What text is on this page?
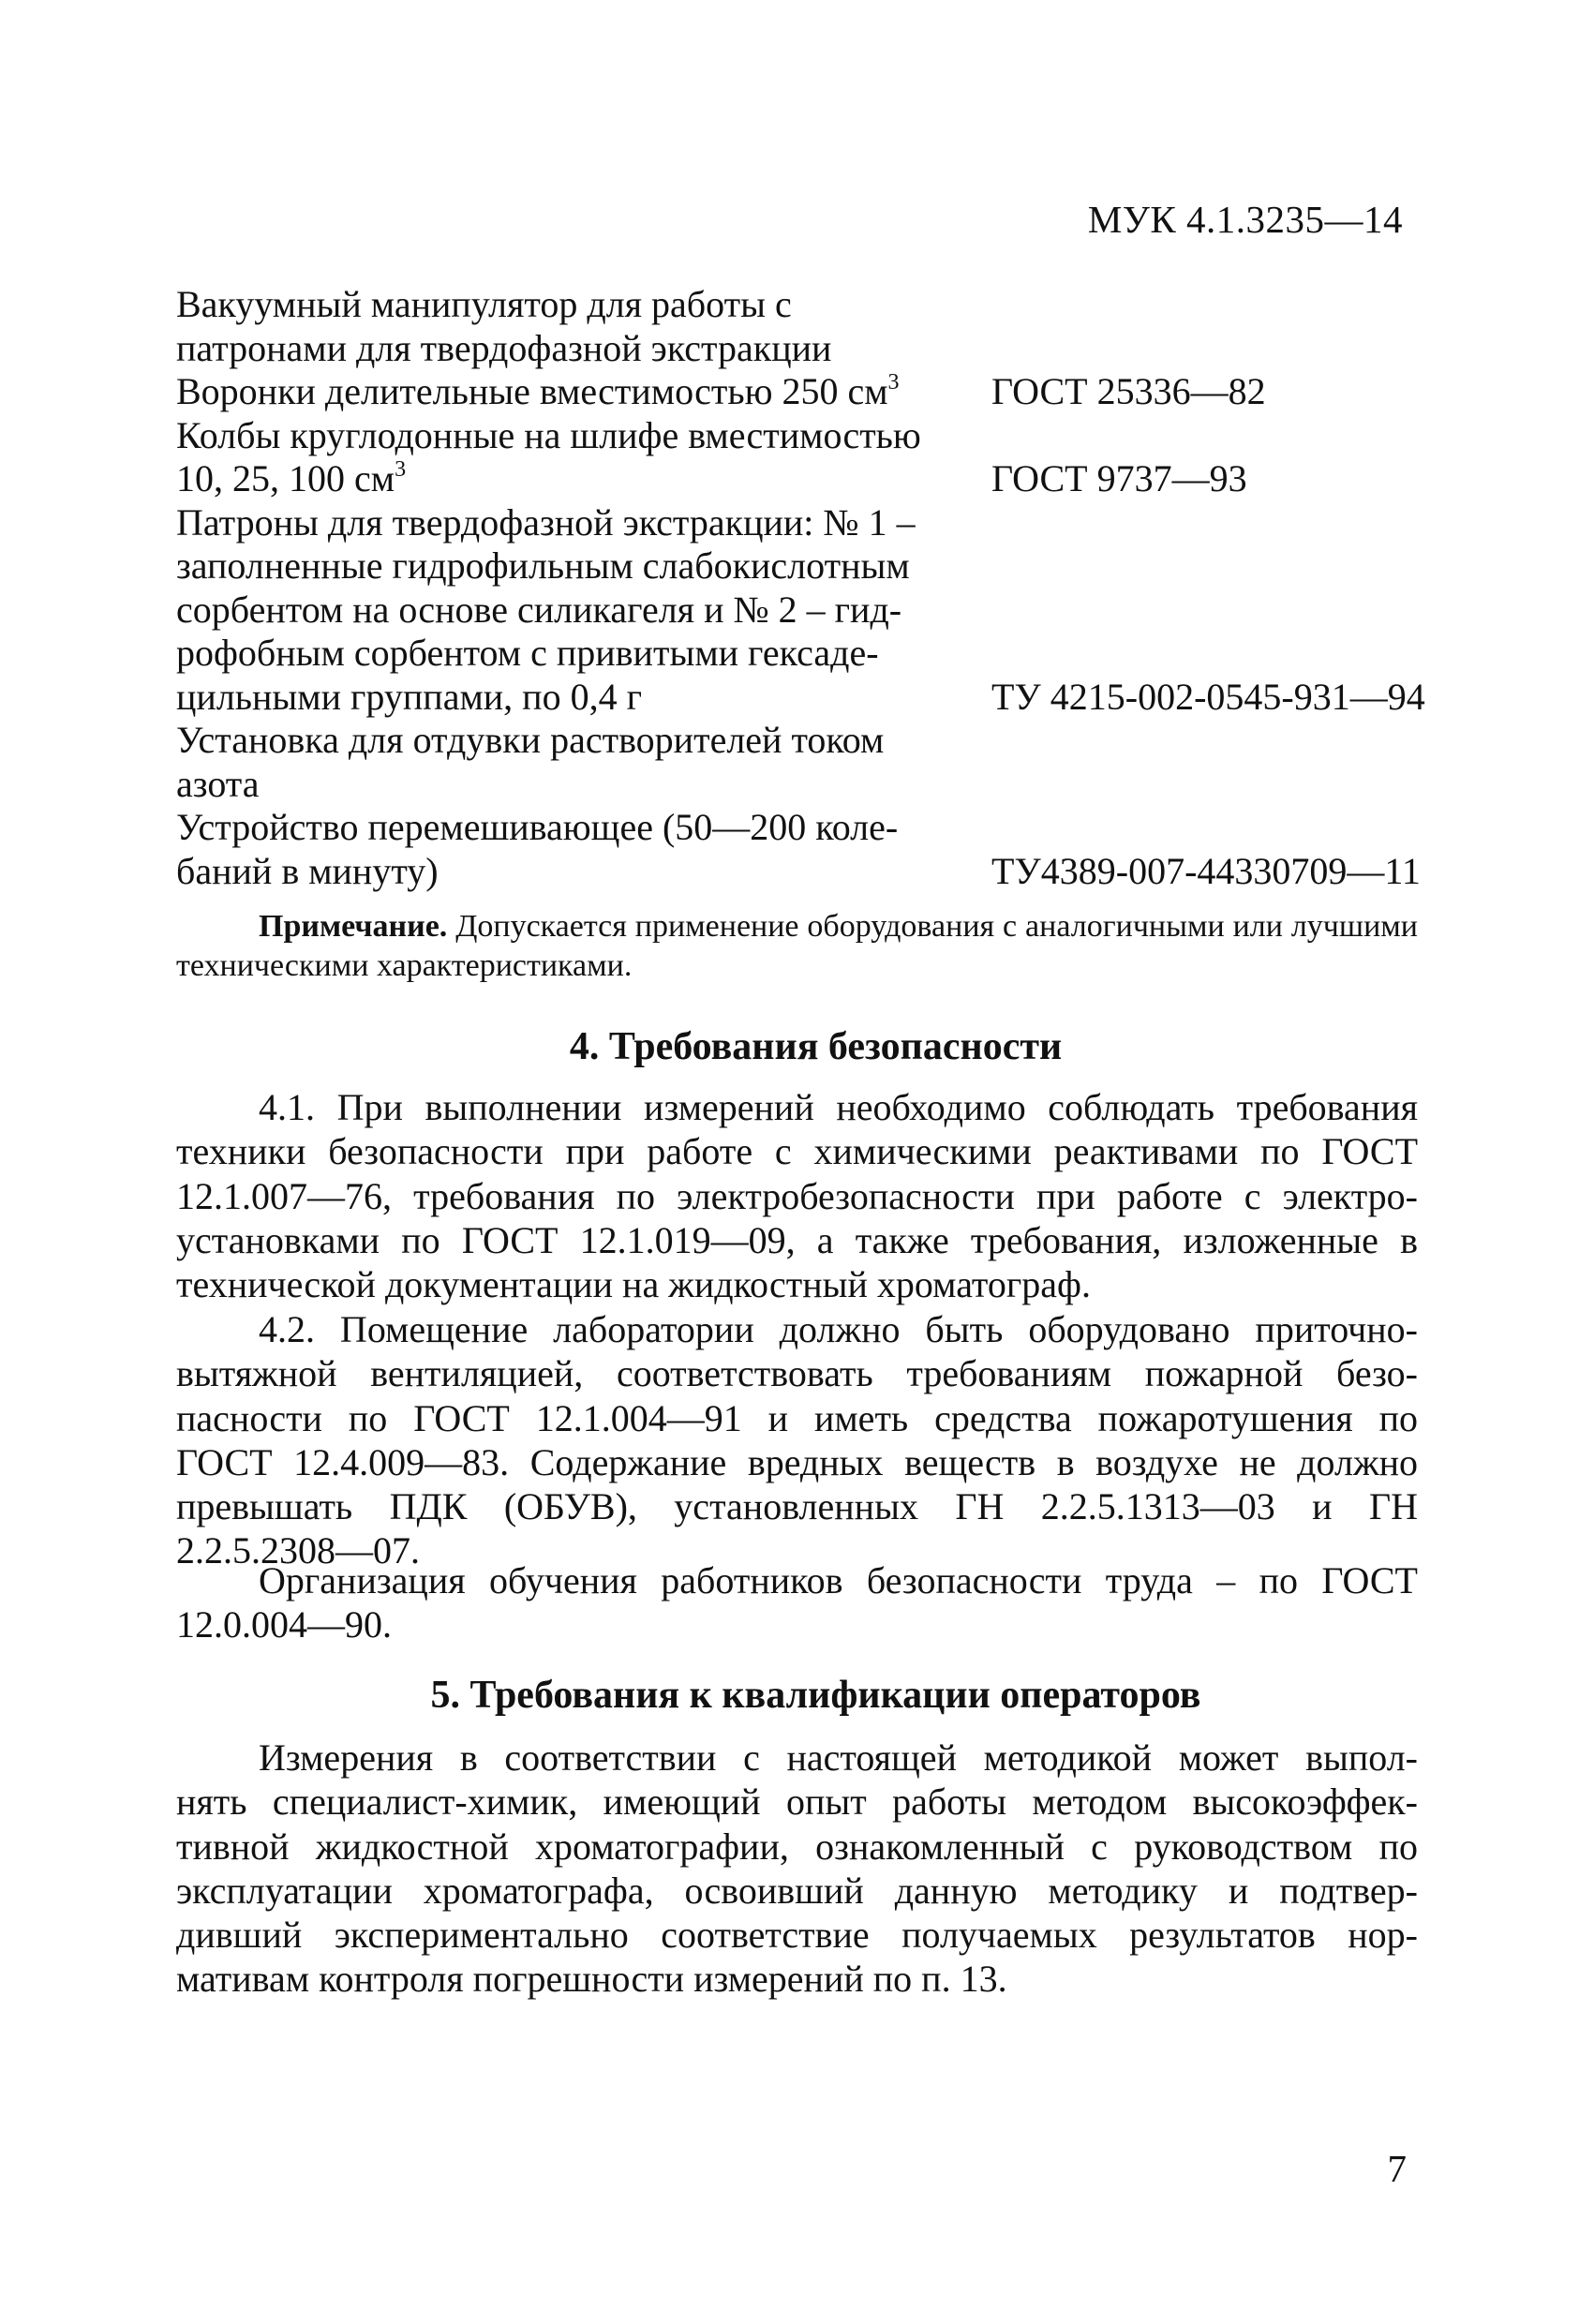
МУК 4.1.3235—14
Вакуумный манипулятор для работы с
патронами для твердофазной экстракции
Воронки делительные вместимостью 250 $см^3$	ГОСТ 25336—82
Колбы круглодонные на шлифе вместимостью
10, 25, 100 $см^3$	ГОСТ 9737—93
Патроны для твердофазной экстракции: № 1 –
заполненные гидрофильным слабокислотным
сорбентом на основе силикагеля и № 2 – гид-
рофобным сорбентом с привитыми гексаде-
цильными группами, по 0,4 г	ТУ 4215-002-0545-931—94
Установка для отдувки растворителей током
азота
Устройство перемешивающее (50—200 коле-
баний в минуту)	ТУ4389-007-44330709—11
Примечание. Допускается применение оборудования с аналогичными или лучшими техническими характеристиками.
4. Требования безопасности
4.1. При выполнении измерений необходимо соблюдать требования
техники безопасности при работе с химическими реактивами по ГОСТ
12.1.007—76, требования по электробезопасности при работе с электро-
установками по ГОСТ 12.1.019—09, а также требования, изложенные в
технической документации на жидкостный хроматограф.
4.2. Помещение лаборатории должно быть оборудовано приточно-
вытяжной вентиляцией, соответствовать требованиям пожарной безо-
пасности по ГОСТ 12.1.004—91 и иметь средства пожаротушения по
ГОСТ 12.4.009—83. Содержание вредных веществ в воздухе не должно
превышать ПДК (ОБУВ), установленных ГН 2.2.5.1313—03 и ГН
2.2.5.2308—07.
Организация обучения работников безопасности труда – по ГОСТ
12.0.004—90.
5. Требования к квалификации операторов
Измерения в соответствии с настоящей методикой может выпол-
нять специалист-химик, имеющий опыт работы методом высокоэффек-
тивной жидкостной хроматографии, ознакомленный с руководством по
эксплуатации хроматографа, освоивший данную методику и подтвер-
дивший экспериментально соответствие получаемых результатов нор-
мативам контроля погрешности измерений по п. 13.
7
